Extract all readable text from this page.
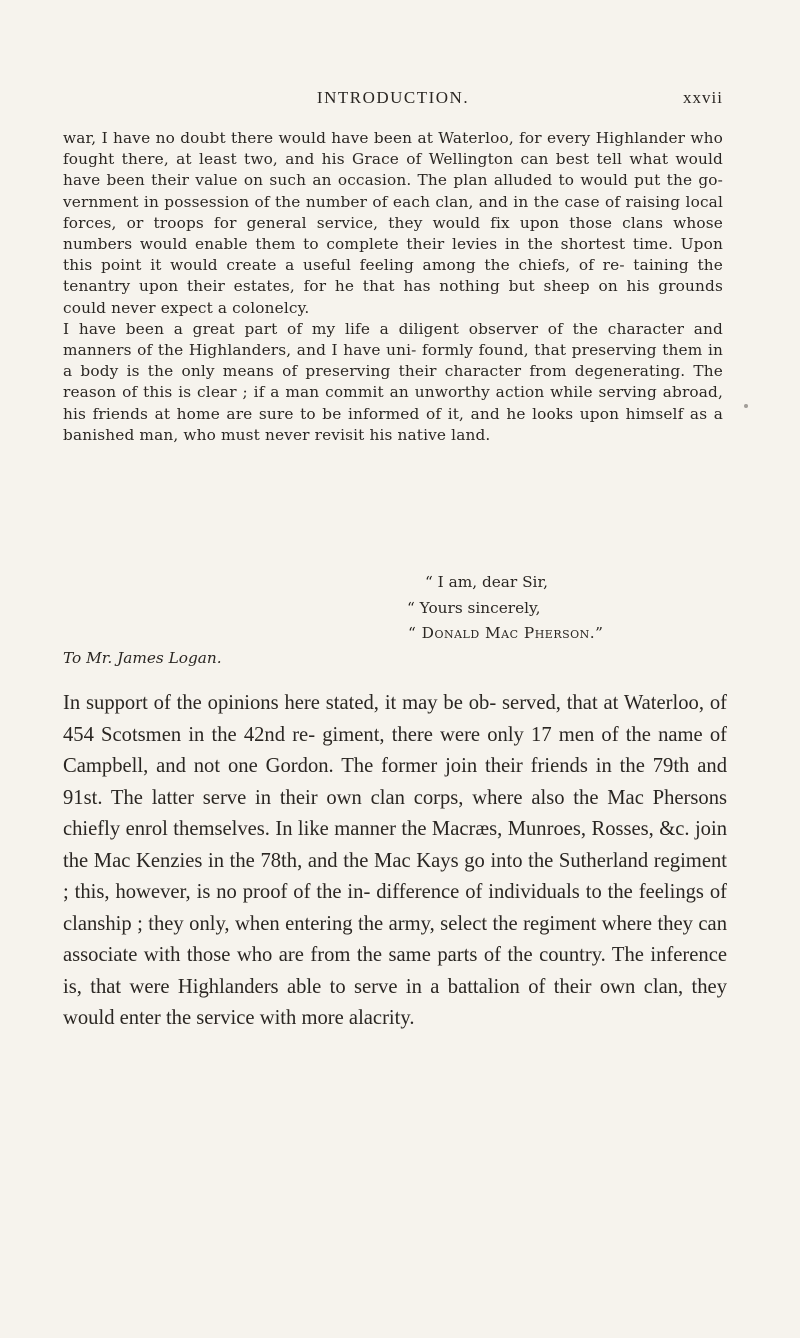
INTRODUCTION.	xxvii

war, I have no doubt there would have been at Waterloo, for every Highlander who fought there, at least two, and his Grace of Wellington can best tell what would have been their value on such an occasion. The plan alluded to would put the go- vernment in possession of the number of each clan, and in the case of raising local forces, or troops for general service, they would fix upon those clans whose numbers would enable them to complete their levies in the shortest time. Upon this point it would create a useful feeling among the chiefs, of re- taining the tenantry upon their estates, for he that has nothing but sheep on his grounds could never expect a colonelcy.

I have been a great part of my life a diligent observer of the character and manners of the Highlanders, and I have uni- formly found, that preserving them in a body is the only means of preserving their character from degenerating. The reason of this is clear ; if a man commit an unworthy action while serving abroad, his friends at home are sure to be informed of it, and he looks upon himself as a banished man, who must never revisit his native land.

“ I am, dear Sir,
“ Yours sincerely,
“ Donald Mac Pherson.”
To Mr. James Logan.

In support of the opinions here stated, it may be ob- served, that at Waterloo, of 454 Scotsmen in the 42nd re- giment, there were only 17 men of the name of Campbell, and not one Gordon. The former join their friends in the 79th and 91st. The latter serve in their own clan corps, where also the Mac Phersons chiefly enrol themselves. In like manner the Macræs, Munroes, Rosses, &c. join the Mac Kenzies in the 78th, and the Mac Kays go into the Sutherland regiment ; this, however, is no proof of the in- difference of individuals to the feelings of clanship ; they only, when entering the army, select the regiment where they can associate with those who are from the same parts of the country. The inference is, that were Highlanders able to serve in a battalion of their own clan, they would enter the service with more alacrity.
